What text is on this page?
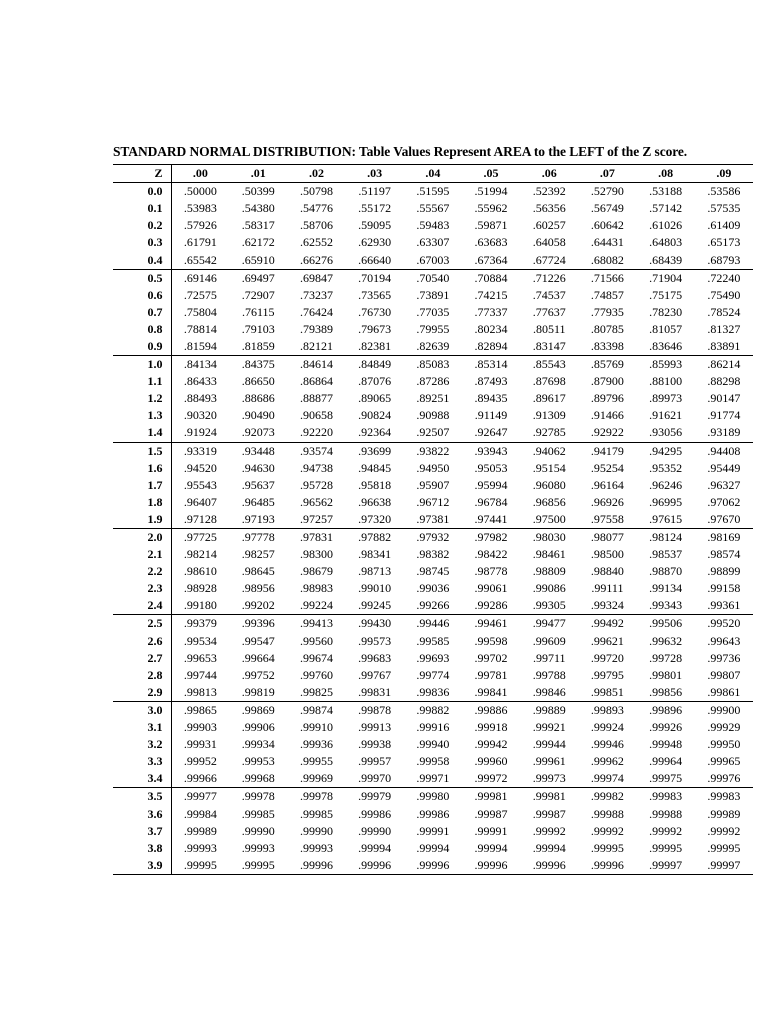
STANDARD NORMAL DISTRIBUTION: Table Values Represent AREA to the LEFT of the Z score.
Z	.00	.01	.02	.03	.04	.05	.06	.07	.08	.09
0.0	.50000	.50399	.50798	.51197	.51595	.51994	.52392	.52790	.53188	.53586
0.1	.53983	.54380	.54776	.55172	.55567	.55962	.56356	.56749	.57142	.57535
0.2	.57926	.58317	.58706	.59095	.59483	.59871	.60257	.60642	.61026	.61409
0.3	.61791	.62172	.62552	.62930	.63307	.63683	.64058	.64431	.64803	.65173
0.4	.65542	.65910	.66276	.66640	.67003	.67364	.67724	.68082	.68439	.68793
0.5	.69146	.69497	.69847	.70194	.70540	.70884	.71226	.71566	.71904	.72240
0.6	.72575	.72907	.73237	.73565	.73891	.74215	.74537	.74857	.75175	.75490
0.7	.75804	.76115	.76424	.76730	.77035	.77337	.77637	.77935	.78230	.78524
0.8	.78814	.79103	.79389	.79673	.79955	.80234	.80511	.80785	.81057	.81327
0.9	.81594	.81859	.82121	.82381	.82639	.82894	.83147	.83398	.83646	.83891
1.0	.84134	.84375	.84614	.84849	.85083	.85314	.85543	.85769	.85993	.86214
1.1	.86433	.86650	.86864	.87076	.87286	.87493	.87698	.87900	.88100	.88298
1.2	.88493	.88686	.88877	.89065	.89251	.89435	.89617	.89796	.89973	.90147
1.3	.90320	.90490	.90658	.90824	.90988	.91149	.91309	.91466	.91621	.91774
1.4	.91924	.92073	.92220	.92364	.92507	.92647	.92785	.92922	.93056	.93189
1.5	.93319	.93448	.93574	.93699	.93822	.93943	.94062	.94179	.94295	.94408
1.6	.94520	.94630	.94738	.94845	.94950	.95053	.95154	.95254	.95352	.95449
1.7	.95543	.95637	.95728	.95818	.95907	.95994	.96080	.96164	.96246	.96327
1.8	.96407	.96485	.96562	.96638	.96712	.96784	.96856	.96926	.96995	.97062
1.9	.97128	.97193	.97257	.97320	.97381	.97441	.97500	.97558	.97615	.97670
2.0	.97725	.97778	.97831	.97882	.97932	.97982	.98030	.98077	.98124	.98169
2.1	.98214	.98257	.98300	.98341	.98382	.98422	.98461	.98500	.98537	.98574
2.2	.98610	.98645	.98679	.98713	.98745	.98778	.98809	.98840	.98870	.98899
2.3	.98928	.98956	.98983	.99010	.99036	.99061	.99086	.99111	.99134	.99158
2.4	.99180	.99202	.99224	.99245	.99266	.99286	.99305	.99324	.99343	.99361
2.5	.99379	.99396	.99413	.99430	.99446	.99461	.99477	.99492	.99506	.99520
2.6	.99534	.99547	.99560	.99573	.99585	.99598	.99609	.99621	.99632	.99643
2.7	.99653	.99664	.99674	.99683	.99693	.99702	.99711	.99720	.99728	.99736
2.8	.99744	.99752	.99760	.99767	.99774	.99781	.99788	.99795	.99801	.99807
2.9	.99813	.99819	.99825	.99831	.99836	.99841	.99846	.99851	.99856	.99861
3.0	.99865	.99869	.99874	.99878	.99882	.99886	.99889	.99893	.99896	.99900
3.1	.99903	.99906	.99910	.99913	.99916	.99918	.99921	.99924	.99926	.99929
3.2	.99931	.99934	.99936	.99938	.99940	.99942	.99944	.99946	.99948	.99950
3.3	.99952	.99953	.99955	.99957	.99958	.99960	.99961	.99962	.99964	.99965
3.4	.99966	.99968	.99969	.99970	.99971	.99972	.99973	.99974	.99975	.99976
3.5	.99977	.99978	.99978	.99979	.99980	.99981	.99981	.99982	.99983	.99983
3.6	.99984	.99985	.99985	.99986	.99986	.99987	.99987	.99988	.99988	.99989
3.7	.99989	.99990	.99990	.99990	.99991	.99991	.99992	.99992	.99992	.99992
3.8	.99993	.99993	.99993	.99994	.99994	.99994	.99994	.99995	.99995	.99995
3.9	.99995	.99995	.99996	.99996	.99996	.99996	.99996	.99996	.99997	.99997
